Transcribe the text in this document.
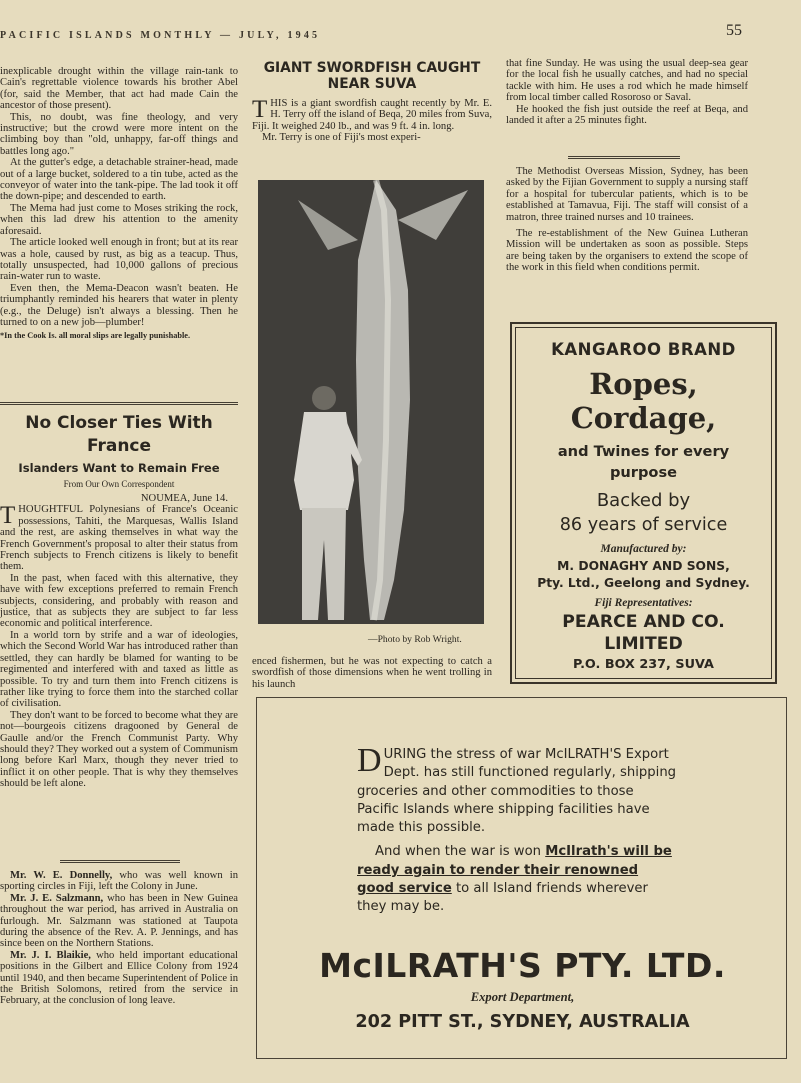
PACIFIC ISLANDS MONTHLY — JULY, 1945	55

inexplicable drought within the village rain-tank to Cain's regrettable violence towards his brother Abel (for, said the Member, that act had made Cain the ancestor of those present).

This, no doubt, was fine theology, and very instructive; but the crowd were more intent on the climbing boy than "old, unhappy, far-off things and battles long ago."

At the gutter's edge, a detachable strainer-head, made out of a large bucket, soldered to a tin tube, acted as the conveyor of water into the tank-pipe. The lad took it off the down-pipe; and descended to earth.

The Mema had just come to Moses striking the rock, when this lad drew his attention to the amenity aforesaid.

The article looked well enough in front; but at its rear was a hole, caused by rust, as big as a teacup. Thus, totally unsuspected, had 10,000 gallons of precious rain-water run to waste.

Even then, the Mema-Deacon wasn't beaten. He triumphantly reminded his hearers that water in plenty (e.g., the Deluge) isn't always a blessing. Then he turned to on a new job—plumber!

*In the Cook Is. all moral slips are legally punishable.
No Closer Ties With France
Islanders Want to Remain Free
From Our Own Correspondent

NOUMEA, June 14.

THOUGHTFUL Polynesians of France's Oceanic possessions, Tahiti, the Marquesas, Wallis Island and the rest, are asking themselves in what way the French Government's proposal to alter their status from French subjects to French citizens is likely to benefit them.

In the past, when faced with this alternative, they have with few exceptions preferred to remain French subjects, considering, and probably with reason and justice, that as subjects they are subject to far less economic and political interference.

In a world torn by strife and a war of ideologies, which the Second World War has introduced rather than settled, they can hardly be blamed for wanting to be regimented and interfered with and taxed as little as possible. To try and turn them into French citizens is rather like trying to force them into the starched collar of civilisation.

They don't want to be forced to become what they are not—bourgeois citizens dragooned by General de Gaulle and/or the French Communist Party. Why should they? They worked out a system of Communism long before Karl Marx, though they never tried to inflict it on other people. That is why they themselves should be left alone.

Mr. W. E. Donnelly, who was well known in sporting circles in Fiji, left the Colony in June.

Mr. J. E. Salzmann, who has been in New Guinea throughout the war period, has arrived in Australia on furlough. Mr. Salzmann was stationed at Taupota during the absence of the Rev. A. P. Jennings, and has since been on the Northern Stations.

Mr. J. I. Blaikie, who held important educational positions in the Gilbert and Ellice Colony from 1924 until 1940, and then became Superintendent of Police in the British Solomons, retired from the service in February, at the conclusion of long leave.

GIANT SWORDFISH CAUGHT
NEAR SUVA

THIS is a giant swordfish caught recently by Mr. E. H. Terry off the island of Beqa, 20 miles from Suva, Fiji. It weighed 240 lb., and was 9 ft. 4 in. long.

Mr. Terry is one of Fiji's most experi-

—Photo by Rob Wright.

enced fishermen, but he was not expecting to catch a swordfish of those dimensions when he went trolling in his launch

that fine Sunday. He was using the usual deep-sea gear for the local fish he usually catches, and had no special tackle with him. He uses a rod which he made himself from local timber called Rosoroso or Saval.

He hooked the fish just outside the reef at Beqa, and landed it after a 25 minutes fight.

The Methodist Overseas Mission, Sydney, has been asked by the Fijian Government to supply a nursing staff for a hospital for tubercular patients, which is to be established at Tamavua, Fiji. The staff will consist of a matron, three trained nurses and 10 trainees.

The re-establishment of the New Guinea Lutheran Mission will be undertaken as soon as possible. Steps are being taken by the organisers to extend the scope of the work in this field when conditions permit.

KANGAROO BRAND
Ropes,
Cordage,
and Twines for every
purpose
Backed by
86 years of service
Manufactured by:
M. DONAGHY AND SONS,
Pty. Ltd., Geelong and Sydney.
Fiji Representatives:
PEARCE AND CO.
LIMITED
P.O. BOX 237, SUVA
DURING the stress of war McILRATH'S Export Dept. has still functioned regularly, shipping groceries and other commodities to those Pacific Islands where shipping facilities have made this possible.
And when the war is won McIlrath's will be ready again to render their renowned good service to all Island friends wherever they may be.
McILRATH'S PTY. LTD.
Export Department,
202 PITT ST., SYDNEY, AUSTRALIA
